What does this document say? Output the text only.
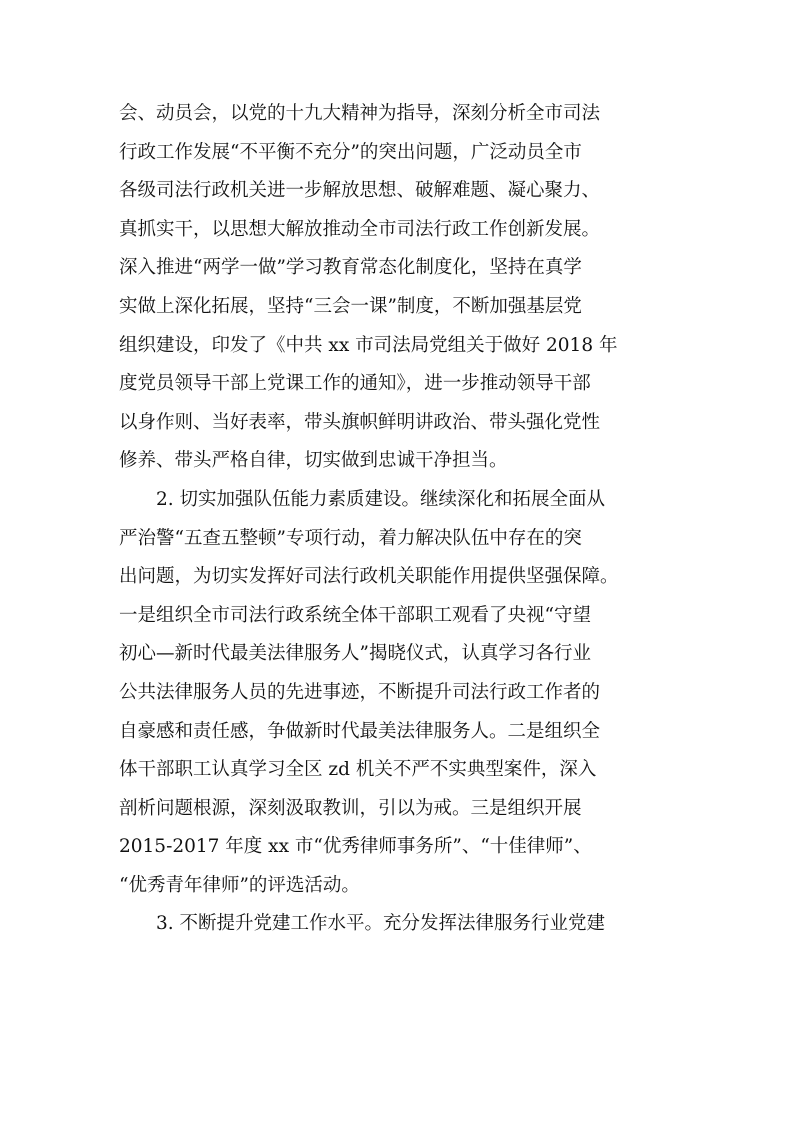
会、动员会，以党的十九大精神为指导，深刻分析全市司法
行政工作发展“不平衡不充分”的突出问题，广泛动员全市
各级司法行政机关进一步解放思想、破解难题、凝心聚力、
真抓实干，以思想大解放推动全市司法行政工作创新发展。
深入推进“两学一做”学习教育常态化制度化，坚持在真学
实做上深化拓展，坚持“三会一课”制度，不断加强基层党
组织建设，印发了《中共 xx 市司法局党组关于做好 2018 年
度党员领导干部上党课工作的通知》，进一步推动领导干部
以身作则、当好表率，带头旗帜鲜明讲政治、带头强化党性
修养、带头严格自律，切实做到忠诚干净担当。
2. 切实加强队伍能力素质建设。继续深化和拓展全面从
严治警“五查五整顿”专项行动，着力解决队伍中存在的突
出问题，为切实发挥好司法行政机关职能作用提供坚强保障。
一是组织全市司法行政系统全体干部职工观看了央视“守望
初心—新时代最美法律服务人”揭晓仪式，认真学习各行业
公共法律服务人员的先进事迹，不断提升司法行政工作者的
自豪感和责任感，争做新时代最美法律服务人。二是组织全
体干部职工认真学习全区 zd 机关不严不实典型案件，深入
剖析问题根源，深刻汲取教训，引以为戒。三是组织开展
2015-2017 年度 xx 市“优秀律师事务所”、“十佳律师”、
“优秀青年律师”的评选活动。
3. 不断提升党建工作水平。充分发挥法律服务行业党建
